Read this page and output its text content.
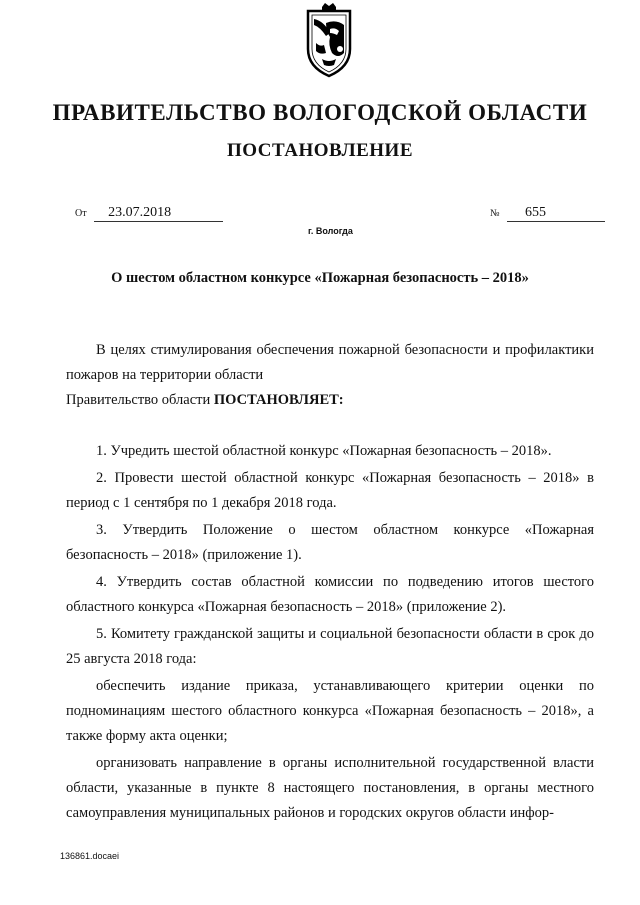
ПРАВИТЕЛЬСТВО ВОЛОГОДСКОЙ ОБЛАСТИ
ПОСТАНОВЛЕНИЕ
От 23.07.2018	№ 655
г. Вологда
О шестом областном конкурсе «Пожарная безопасность – 2018»

В целях стимулирования обеспечения пожарной безопасности и профилактики пожаров на территории области

Правительство области ПОСТАНОВЛЯЕТ:

1. Учредить шестой областной конкурс «Пожарная безопасность – 2018».

2. Провести шестой областной конкурс «Пожарная безопасность – 2018» в период с 1 сентября по 1 декабря 2018 года.

3. Утвердить Положение о шестом областном конкурсе «Пожарная безопасность – 2018» (приложение 1).

4. Утвердить состав областной комиссии по подведению итогов шестого областного конкурса «Пожарная безопасность – 2018» (приложение 2).

5. Комитету гражданской защиты и социальной безопасности области в срок до 25 августа 2018 года:

обеспечить издание приказа, устанавливающего критерии оценки по подноминациям шестого областного конкурса «Пожарная безопасность – 2018», а также форму акта оценки;

организовать направление в органы исполнительной государственной власти области, указанные в пункте 8 настоящего постановления, в органы местного самоуправления муниципальных районов и городских округов области инфор-

136861.docaei
